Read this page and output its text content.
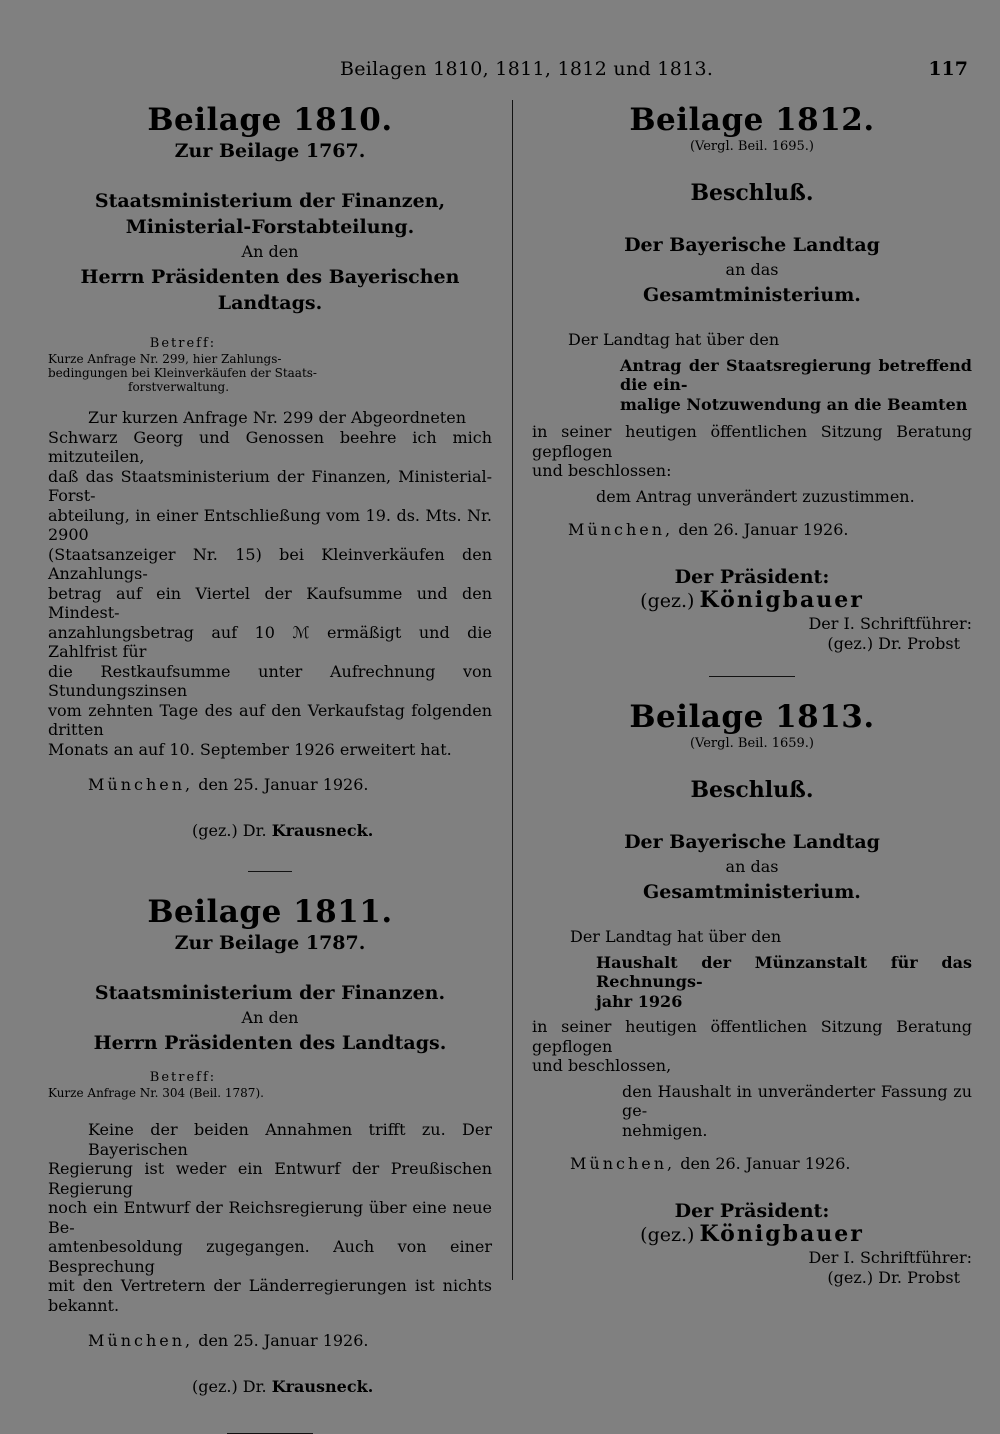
Beilagen 1810, 1811, 1812 und 1813.	117

Beilage 1810.

Zur Beilage 1767.

Staatsministerium der Finanzen,

Ministerial-Forstabteilung.

An den

Herrn Präsidenten des Bayerischen Landtags.

Betreff:
Kurze Anfrage Nr. 299, hier Zahlungs-
bedingungen bei Kleinverkäufen der Staats-
forstverwaltung.

Zur kurzen Anfrage Nr. 299 der Abgeordneten

Schwarz Georg und Genossen beehre ich mich mitzuteilen,

daß das Staatsministerium der Finanzen, Ministerial-Forst-

abteilung, in einer Entschließung vom 19. ds. Mts. Nr. 2900

(Staatsanzeiger Nr. 15) bei Kleinverkäufen den Anzahlungs-

betrag auf ein Viertel der Kaufsumme und den Mindest-

anzahlungsbetrag auf 10 ℳ ermäßigt und die Zahlfrist für

die Restkaufsumme unter Aufrechnung von Stundungszinsen

vom zehnten Tage des auf den Verkaufstag folgenden dritten

Monats an auf 10. September 1926 erweitert hat.

München, den 25. Januar 1926.

(gez.) Dr. Krausneck.

Beilage 1811.

Zur Beilage 1787.

Staatsministerium der Finanzen.

An den

Herrn Präsidenten des Landtags.

Betreff:
Kurze Anfrage Nr. 304 (Beil. 1787).

Keine der beiden Annahmen trifft zu. Der Bayerischen

Regierung ist weder ein Entwurf der Preußischen Regierung

noch ein Entwurf der Reichsregierung über eine neue Be-

amtenbesoldung zugegangen. Auch von einer Besprechung

mit den Vertretern der Länderregierungen ist nichts bekannt.

München, den 25. Januar 1926.

(gez.) Dr. Krausneck.

Beilage 1812.

(Vergl. Beil. 1695.)

Beschluß.

Der Bayerische Landtag

an das

Gesamtministerium.

Der Landtag hat über den

Antrag der Staatsregierung betreffend die ein-

malige Notzuwendung an die Beamten

in seiner heutigen öffentlichen Sitzung Beratung gepflogen

und beschlossen:

dem Antrag unverändert zuzustimmen.

München, den 26. Januar 1926.

Der Präsident:

(gez.) Königbauer

Der I. Schriftführer:

(gez.) Dr. Probst

Beilage 1813.

(Vergl. Beil. 1659.)

Beschluß.

Der Bayerische Landtag

an das

Gesamtministerium.

Der Landtag hat über den

Haushalt der Münzanstalt für das Rechnungs-

jahr 1926

in seiner heutigen öffentlichen Sitzung Beratung gepflogen

und beschlossen,

den Haushalt in unveränderter Fassung zu ge-

nehmigen.

München, den 26. Januar 1926.

Der Präsident:

(gez.) Königbauer

Der I. Schriftführer:

(gez.) Dr. Probst
